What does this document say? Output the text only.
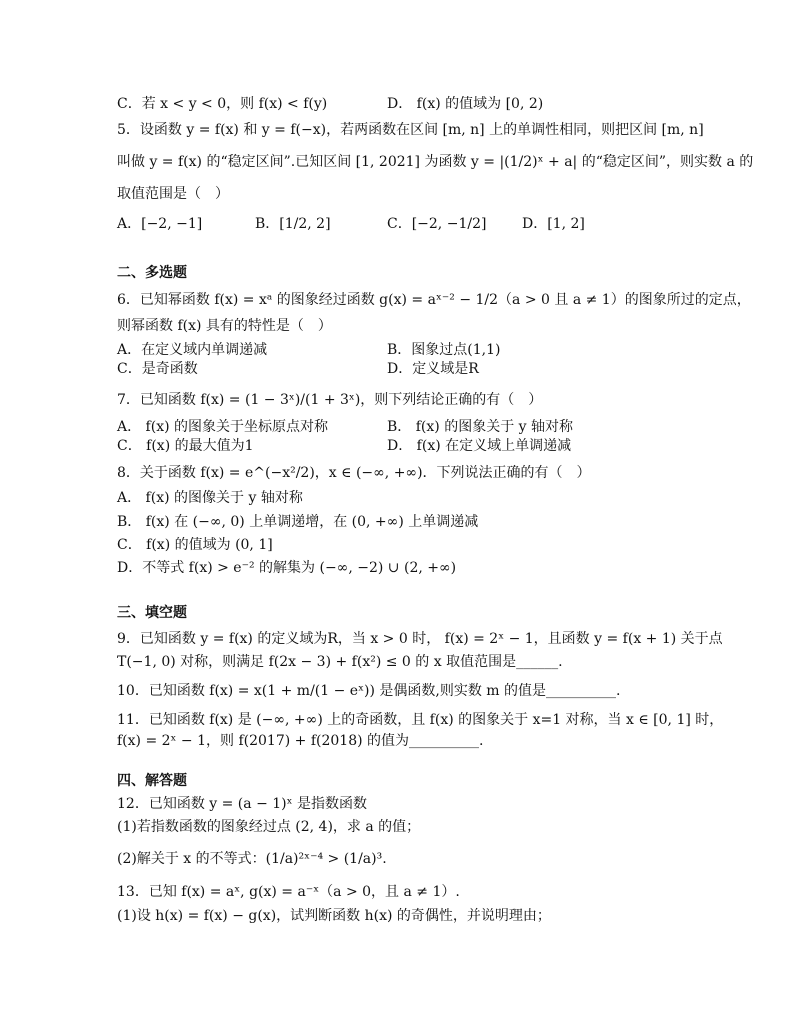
C．若 x < y < 0，则 f(x) < f(y)	D． f(x) 的值域为 [0, 2)
5．设函数 y = f(x) 和 y = f(−x)，若两函数在区间 [m, n] 上的单调性相同，则把区间 [m, n]
叫做 y = f(x) 的“稳定区间”.已知区间 [1, 2021] 为函数 y = |(1/2)ˣ + a| 的“稳定区间”，则实数 a 的
取值范围是（　）
A．[−2, −1]	B．[1/2, 2]	C．[−2, −1/2]	D．[1, 2]
二、多选题
6．已知幂函数 f(x) = xᵃ 的图象经过函数 g(x) = aˣ⁻² − 1/2（a > 0 且 a ≠ 1）的图象所过的定点，
则幂函数 f(x) 具有的特性是（　）
A．在定义域内单调递减	B．图象过点(1,1)
C．是奇函数	D．定义域是R
7．已知函数 f(x) = (1 − 3ˣ)/(1 + 3ˣ)，则下列结论正确的有（　）
A． f(x) 的图象关于坐标原点对称	B． f(x) 的图象关于 y 轴对称
C． f(x) 的最大值为1	D． f(x) 在定义域上单调递减
8．关于函数 f(x) = e^(−x²/2)，x ∈ (−∞, +∞)．下列说法正确的有（　）
A． f(x) 的图像关于 y 轴对称
B． f(x) 在 (−∞, 0) 上单调递增，在 (0, +∞) 上单调递减
C． f(x) 的值域为 (0, 1]
D．不等式 f(x) > e⁻² 的解集为 (−∞, −2) ∪ (2, +∞)
三、填空题
9．已知函数 y = f(x) 的定义域为R，当 x > 0 时， f(x) = 2ˣ − 1，且函数 y = f(x + 1) 关于点
T(−1, 0) 对称，则满足 f(2x − 3) + f(x²) ≤ 0 的 x 取值范围是______.
10．已知函数 f(x) = x(1 + m/(1 − eˣ)) 是偶函数,则实数 m 的值是__________.
11．已知函数 f(x) 是 (−∞, +∞) 上的奇函数，且 f(x) 的图象关于 x=1 对称，当 x ∈ [0, 1] 时，
f(x) = 2ˣ − 1，则 f(2017) + f(2018) 的值为__________.
四、解答题
12．已知函数 y = (a − 1)ˣ 是指数函数
(1)若指数函数的图象经过点 (2, 4)，求 a 的值；
(2)解关于 x 的不等式：(1/a)²ˣ⁻⁴ > (1/a)³.
13．已知 f(x) = aˣ, g(x) = a⁻ˣ（a > 0，且 a ≠ 1）.
(1)设 h(x) = f(x) − g(x)，试判断函数 h(x) 的奇偶性，并说明理由；
